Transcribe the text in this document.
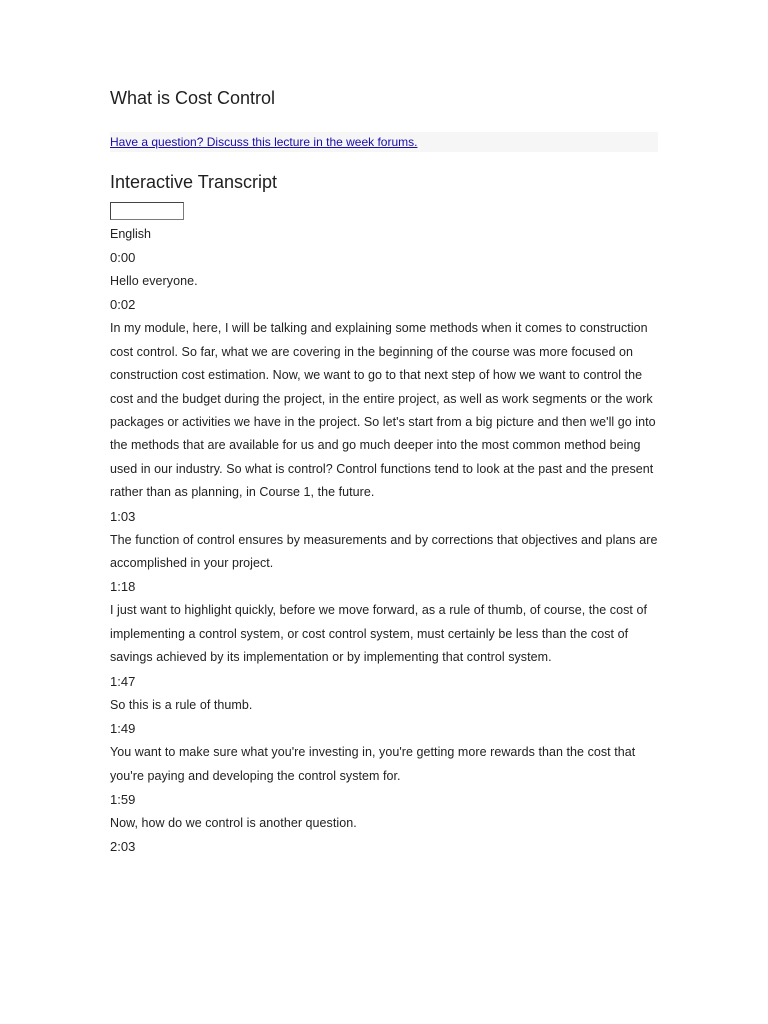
What is Cost Control
Have a question? Discuss this lecture in the week forums.
Interactive Transcript
English
0:00
Hello everyone.
0:02
In my module, here, I will be talking and explaining some methods when it comes to construction cost control. So far, what we are covering in the beginning of the course was more focused on construction cost estimation. Now, we want to go to that next step of how we want to control the cost and the budget during the project, in the entire project, as well as work segments or the work packages or activities we have in the project. So let's start from a big picture and then we'll go into the methods that are available for us and go much deeper into the most common method being used in our industry. So what is control? Control functions tend to look at the past and the present rather than as planning, in Course 1, the future.
1:03
The function of control ensures by measurements and by corrections that objectives and plans are accomplished in your project.
1:18
I just want to highlight quickly, before we move forward, as a rule of thumb, of course, the cost of implementing a control system, or cost control system, must certainly be less than the cost of savings achieved by its implementation or by implementing that control system.
1:47
So this is a rule of thumb.
1:49
You want to make sure what you're investing in, you're getting more rewards than the cost that you're paying and developing the control system for.
1:59
Now, how do we control is another question.
2:03
